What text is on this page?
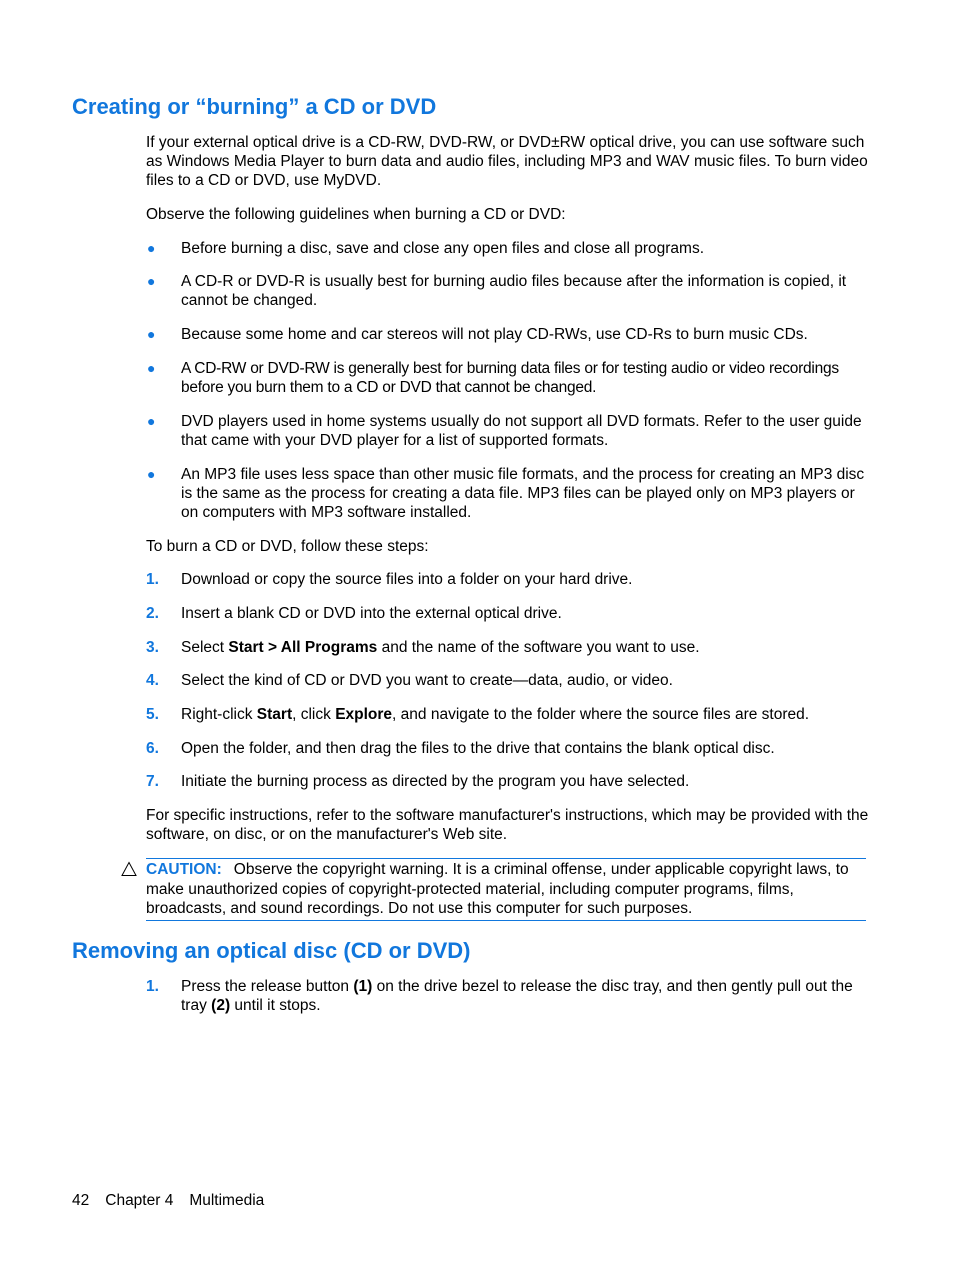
Creating or “burning” a CD or DVD
If your external optical drive is a CD-RW, DVD-RW, or DVD±RW optical drive, you can use software such as Windows Media Player to burn data and audio files, including MP3 and WAV music files. To burn video files to a CD or DVD, use MyDVD.
Observe the following guidelines when burning a CD or DVD:
●	Before burning a disc, save and close any open files and close all programs.
●	A CD-R or DVD-R is usually best for burning audio files because after the information is copied, it cannot be changed.
●	Because some home and car stereos will not play CD-RWs, use CD-Rs to burn music CDs.
●	A CD-RW or DVD-RW is generally best for burning data files or for testing audio or video recordings before you burn them to a CD or DVD that cannot be changed.
●	DVD players used in home systems usually do not support all DVD formats. Refer to the user guide that came with your DVD player for a list of supported formats.
●	An MP3 file uses less space than other music file formats, and the process for creating an MP3 disc is the same as the process for creating a data file. MP3 files can be played only on MP3 players or on computers with MP3 software installed.
To burn a CD or DVD, follow these steps:
1.	Download or copy the source files into a folder on your hard drive.
2.	Insert a blank CD or DVD into the external optical drive.
3.	Select Start > All Programs and the name of the software you want to use.
4.	Select the kind of CD or DVD you want to create—data, audio, or video.
5.	Right-click Start, click Explore, and navigate to the folder where the source files are stored.
6.	Open the folder, and then drag the files to the drive that contains the blank optical disc.
7.	Initiate the burning process as directed by the program you have selected.
For specific instructions, refer to the software manufacturer's instructions, which may be provided with the software, on disc, or on the manufacturer's Web site.
CAUTION: Observe the copyright warning. It is a criminal offense, under applicable copyright laws, to make unauthorized copies of copyright-protected material, including computer programs, films, broadcasts, and sound recordings. Do not use this computer for such purposes.
Removing an optical disc (CD or DVD)
1.	Press the release button (1) on the drive bezel to release the disc tray, and then gently pull out the tray (2) until it stops.
42 Chapter 4 Multimedia
